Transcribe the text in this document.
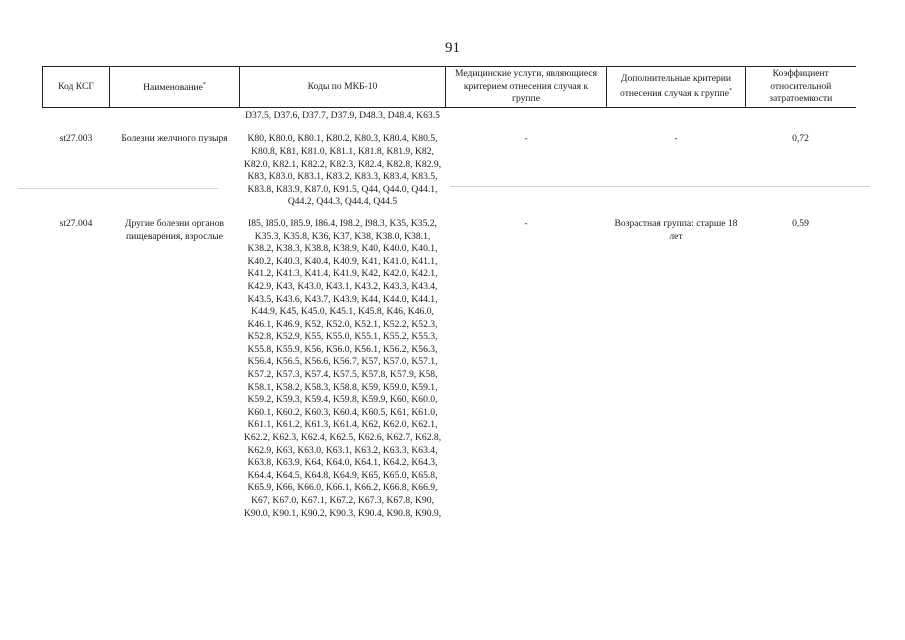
91
Код КСГ	Наименование*	Коды по МКБ-10	Медицинские услуги, являющиеся критерием отнесения случая к группе	Дополнительные критерии отнесения случая к группе*	Коэффициент относительной затратоемкости
		D37.5, D37.6, D37.7, D37.9, D48.3, D48.4, K63.5			
st27.003	Болезни желчного пузыря	K80, K80.0, K80.1, K80.2, K80.3, K80.4, K80.5, K80.8, K81, K81.0, K81.1, K81.8, K81.9, K82, K82.0, K82.1, K82.2, K82.3, K82.4, K82.8, K82.9, K83, K83.0, K83.1, K83.2, K83.3, K83.4, K83.5, K83.8, K83.9, K87.0, K91.5, Q44, Q44.0, Q44.1, Q44.2, Q44.3, Q44.4, Q44.5	-	-	0,72
st27.004	Другие болезни органов пищеварения, взрослые	I85, I85.0, I85.9, I86.4, I98.2, I98.3, K35, K35.2, K35.3, K35.8, K36, K37, K38, K38.0, K38.1, K38.2, K38.3, K38.8, K38.9, K40, K40.0, K40.1, K40.2, K40.3, K40.4, K40.9, K41, K41.0, K41.1, K41.2, K41.3, K41.4, K41.9, K42, K42.0, K42.1, K42.9, K43, K43.0, K43.1, K43.2, K43.3, K43.4, K43.5, K43.6, K43.7, K43.9, K44, K44.0, K44.1, K44.9, K45, K45.0, K45.1, K45.8, K46, K46.0, K46.1, K46.9, K52, K52.0, K52.1, K52.2, K52.3, K52.8, K52.9, K55, K55.0, K55.1, K55.2, K55.3, K55.8, K55.9, K56, K56.0, K56.1, K56.2, K56.3, K56.4, K56.5, K56.6, K56.7, K57, K57.0, K57.1, K57.2, K57.3, K57.4, K57.5, K57.8, K57.9, K58, K58.1, K58.2, K58.3, K58.8, K59, K59.0, K59.1, K59.2, K59.3, K59.4, K59.8, K59.9, K60, K60.0, K60.1, K60.2, K60.3, K60.4, K60.5, K61, K61.0, K61.1, K61.2, K61.3, K61.4, K62, K62.0, K62.1, K62.2, K62.3, K62.4, K62.5, K62.6, K62.7, K62.8, K62.9, K63, K63.0, K63.1, K63.2, K63.3, K63.4, K63.8, K63.9, K64, K64.0, K64.1, K64.2, K64.3, K64.4, K64.5, K64.8, K64.9, K65, K65.0, K65.8, K65.9, K66, K66.0, K66.1, K66.2, K66.8, K66.9, K67, K67.0, K67.1, K67.2, K67.3, K67.8, K90, K90.0, K90.1, K90.2, K90.3, K90.4, K90.8, K90.9,	-	Возрастная группа: старше 18 лет	0,59
